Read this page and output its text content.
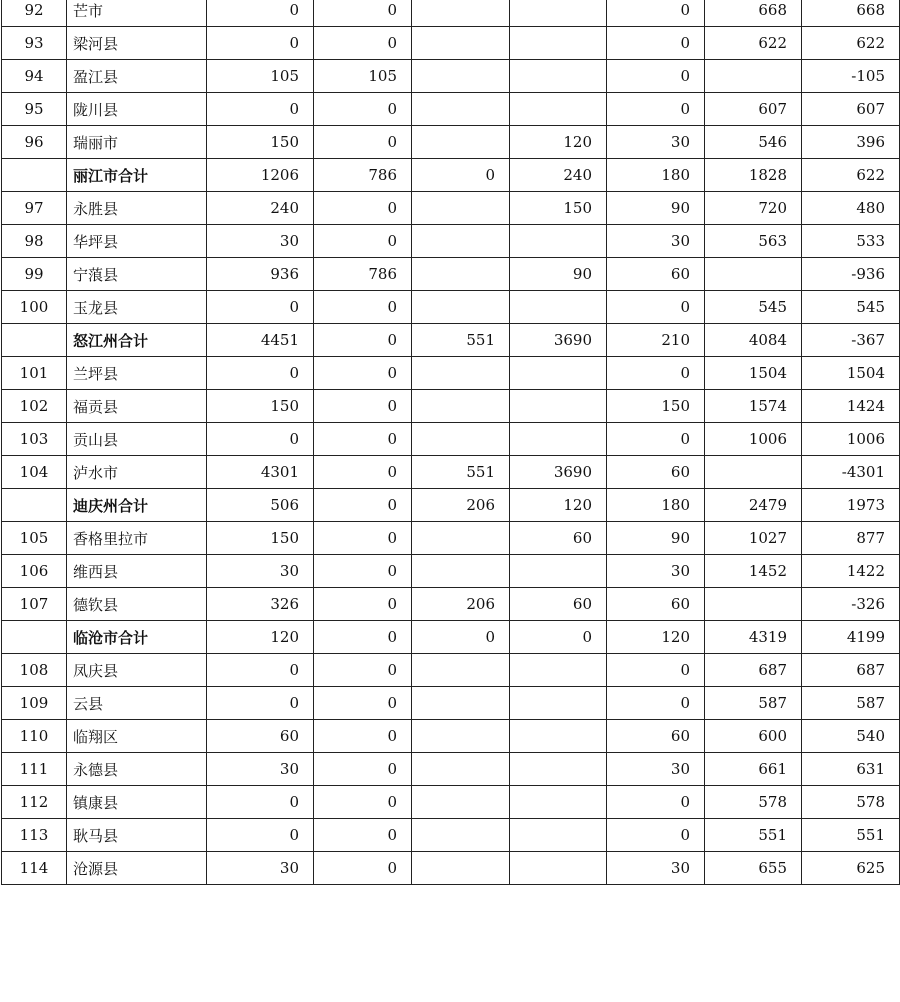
92	芒市	0	0			0	668	668
93	梁河县	0	0			0	622	622
94	盈江县	105	105			0		-105
95	陇川县	0	0			0	607	607
96	瑞丽市	150	0		120	30	546	396
	丽江市合计	1206	786	0	240	180	1828	622
97	永胜县	240	0		150	90	720	480
98	华坪县	30	0			30	563	533
99	宁蒗县	936	786		90	60		-936
100	玉龙县	0	0			0	545	545
	怒江州合计	4451	0	551	3690	210	4084	-367
101	兰坪县	0	0			0	1504	1504
102	福贡县	150	0			150	1574	1424
103	贡山县	0	0			0	1006	1006
104	泸水市	4301	0	551	3690	60		-4301
	迪庆州合计	506	0	206	120	180	2479	1973
105	香格里拉市	150	0		60	90	1027	877
106	维西县	30	0			30	1452	1422
107	德钦县	326	0	206	60	60		-326
	临沧市合计	120	0	0	0	120	4319	4199
108	凤庆县	0	0			0	687	687
109	云县	0	0			0	587	587
110	临翔区	60	0			60	600	540
111	永德县	30	0			30	661	631
112	镇康县	0	0			0	578	578
113	耿马县	0	0			0	551	551
114	沧源县	30	0			30	655	625
